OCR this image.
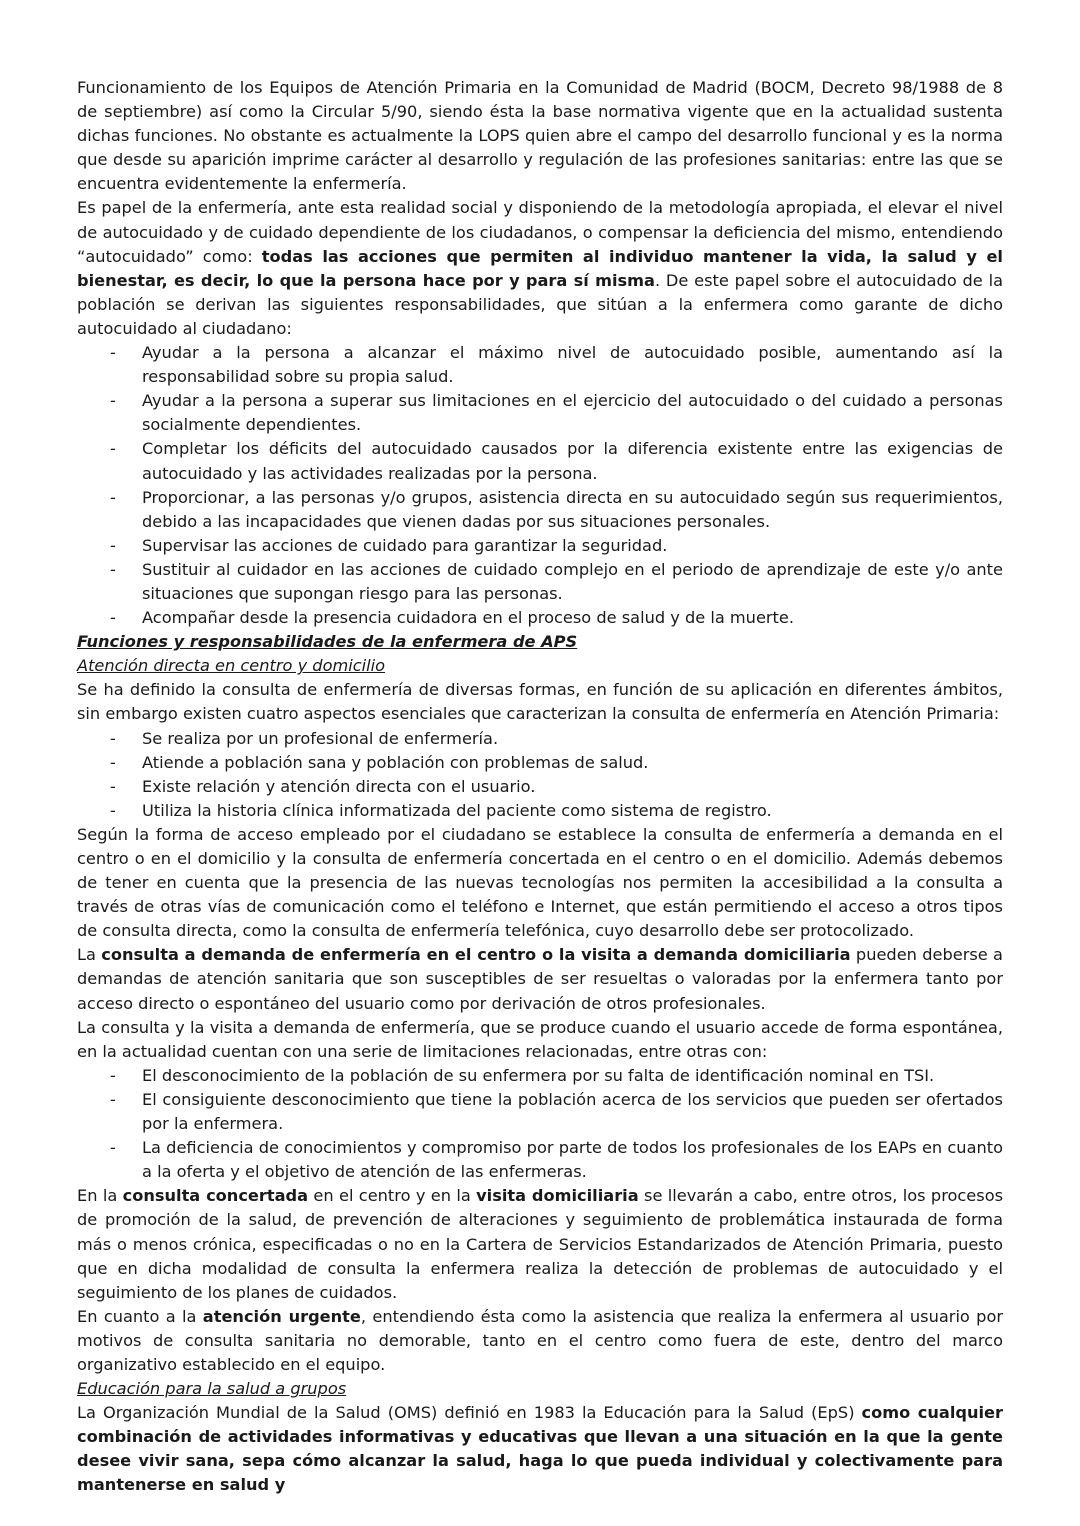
Funcionamiento de los Equipos de Atención Primaria en la Comunidad de Madrid (BOCM, Decreto 98/1988 de 8 de septiembre) así como la Circular 5/90, siendo ésta la base normativa vigente que en la actualidad sustenta dichas funciones. No obstante es actualmente la LOPS quien abre el campo del desarrollo funcional y es la norma que desde su aparición imprime carácter al desarrollo y regulación de las profesiones sanitarias: entre las que se encuentra evidentemente la enfermería.

Es papel de la enfermería, ante esta realidad social y disponiendo de la metodología apropiada, el elevar el nivel de autocuidado y de cuidado dependiente de los ciudadanos, o compensar la deficiencia del mismo, entendiendo “autocuidado” como: todas las acciones que permiten al individuo mantener la vida, la salud y el bienestar, es decir, lo que la persona hace por y para sí misma. De este papel sobre el autocuidado de la población se derivan las siguientes responsabilidades, que sitúan a la enfermera como garante de dicho autocuidado al ciudadano:

- Ayudar a la persona a alcanzar el máximo nivel de autocuidado posible, aumentando así la responsabilidad sobre su propia salud.
- Ayudar a la persona a superar sus limitaciones en el ejercicio del autocuidado o del cuidado a personas socialmente dependientes.
- Completar los déficits del autocuidado causados por la diferencia existente entre las exigencias de autocuidado y las actividades realizadas por la persona.
- Proporcionar, a las personas y/o grupos, asistencia directa en su autocuidado según sus requerimientos, debido a las incapacidades que vienen dadas por sus situaciones personales.
- Supervisar las acciones de cuidado para garantizar la seguridad.
- Sustituir al cuidador en las acciones de cuidado complejo en el periodo de aprendizaje de este y/o ante situaciones que supongan riesgo para las personas.
- Acompañar desde la presencia cuidadora en el proceso de salud y de la muerte.

Funciones y responsabilidades de la enfermera de APS

Atención directa en centro y domicilio

Se ha definido la consulta de enfermería de diversas formas, en función de su aplicación en diferentes ámbitos, sin embargo existen cuatro aspectos esenciales que caracterizan la consulta de enfermería en Atención Primaria:

- Se realiza por un profesional de enfermería.
- Atiende a población sana y población con problemas de salud.
- Existe relación y atención directa con el usuario.
- Utiliza la historia clínica informatizada del paciente como sistema de registro.

Según la forma de acceso empleado por el ciudadano se establece la consulta de enfermería a demanda en el centro o en el domicilio y la consulta de enfermería concertada en el centro o en el domicilio. Además debemos de tener en cuenta que la presencia de las nuevas tecnologías nos permiten la accesibilidad a la consulta a través de otras vías de comunicación como el teléfono e Internet, que están permitiendo el acceso a otros tipos de consulta directa, como la consulta de enfermería telefónica, cuyo desarrollo debe ser protocolizado.

La consulta a demanda de enfermería en el centro o la visita a demanda domiciliaria pueden deberse a demandas de atención sanitaria que son susceptibles de ser resueltas o valoradas por la enfermera tanto por acceso directo o espontáneo del usuario como por derivación de otros profesionales.

La consulta y la visita a demanda de enfermería, que se produce cuando el usuario accede de forma espontánea, en la actualidad cuentan con una serie de limitaciones relacionadas, entre otras con:

- El desconocimiento de la población de su enfermera por su falta de identificación nominal en TSI.
- El consiguiente desconocimiento que tiene la población acerca de los servicios que pueden ser ofertados por la enfermera.
- La deficiencia de conocimientos y compromiso por parte de todos los profesionales de los EAPs en cuanto a la oferta y el objetivo de atención de las enfermeras.

En la consulta concertada en el centro y en la visita domiciliaria se llevarán a cabo, entre otros, los procesos de promoción de la salud, de prevención de alteraciones y seguimiento de problemática instaurada de forma más o menos crónica, especificadas o no en la Cartera de Servicios Estandarizados de Atención Primaria, puesto que en dicha modalidad de consulta la enfermera realiza la detección de problemas de autocuidado y el seguimiento de los planes de cuidados.

En cuanto a la atención urgente, entendiendo ésta como la asistencia que realiza la enfermera al usuario por motivos de consulta sanitaria no demorable, tanto en el centro como fuera de este, dentro del marco organizativo establecido en el equipo.

Educación para la salud a grupos

La Organización Mundial de la Salud (OMS) definió en 1983 la Educación para la Salud (EpS) como cualquier combinación de actividades informativas y educativas que llevan a una situación en la que la gente desee vivir sana, sepa cómo alcanzar la salud, haga lo que pueda individual y colectivamente para mantenerse en salud y
